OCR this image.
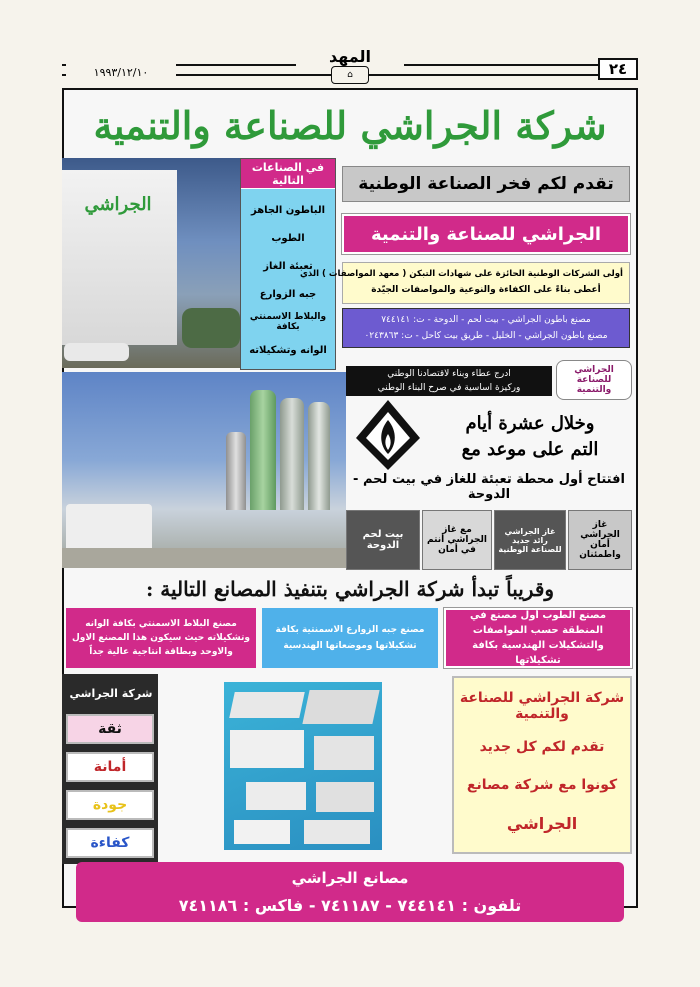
٢٤
المهد
⌂
١٩٩٣/١٢/١٠
شركة الجراشي للصناعة والتنمية
الجراشي
في الصناعات التالية
الباطون الجاهز
الطوب
تعبئة الغاز
جبه الزوارع
والبلاط الاسمنتي بكافة
الوانه وتشكيلاته
تقدم لكم فخر الصناعة الوطنية
الجراشي للصناعة والتنمية
أولى الشركات الوطنية الحائزة على شهادات التبكن ( معهد المواصفات ) الذي
أعطى بناءً على الكفاءة والنوعية والمواصفات الجيّدة
مصنع باطون الجراشي - بيت لحم - الدوحة - ت: ٧٤٤١٤١
مصنع باطون الجراشي - الخليل - طريق بيت كاحل - ت: ٠٢٤٣٨٦٣
الجراشي للصناعة والتنمية
ادرج عطاء وبناء لاقتصادنا الوطني
وركيزة اساسية في صرح البناء الوطني
وخلال عشرة أيام
التم على موعد مع
افتتاح أول محطة تعبئة للغاز في بيت لحم - الدوحة
غاز الجراشي أمان واطمئنان
غاز الجراشي رائد جديد للصناعة الوطنية
مع غاز الجراشي أنتم في أمان
بيت لحم الدوحة
وقريباً تبدأ شركة الجراشي بتنفيذ المصانع التالية :
مصنع الطوب أول مصنع في المنطقة حسب المواصفات والتشكيلات الهندسية بكافة تشكيلاتها
مصنع جبه الزوارع الاسمنتية بكافة تشكيلاتها وموضعاتها الهندسية
مصنع البلاط الاسمنتي بكافة الوانه وتشكيلاته حيث سيكون هذا المصنع الاول والاوحد وبطاقة انتاجية عالية جداً
شركة الجراشي
ثقة
أمانة
جودة
كفاءة
شركة الجراشي للصناعة والتنمية
تقدم لكم كل جديد
كونوا مع شركة مصانع
الجراشي
مصانع الجراشي
تلفون : ٧٤٤١٤١ - ٧٤١١٨٧ - فاكس : ٧٤١١٨٦
